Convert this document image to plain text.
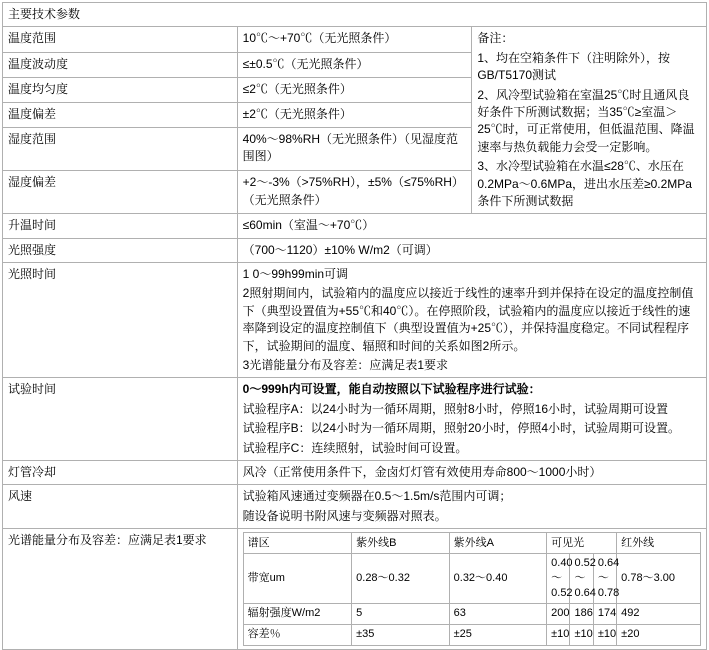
主要技术参数
温度范围	10℃～+70℃（无光照条件）	备注：
1、均在空箱条件下（注明除外），按GB/T5170测试
2、风冷型试验箱在室温25℃时且通风良好条件下所测试数据；当35℃≥室温＞25℃时，可正常使用，但低温范围、降温速率与热负载能力会受一定影响。
3、水冷型试验箱在水温≤28℃、水压在0.2MPa～0.6MPa，进出水压差≥0.2MPa条件下所测试数据

温度波动度	≤±0.5℃（无光照条件）
温度均匀度	≤2℃（无光照条件）
温度偏差	±2℃（无光照条件）
湿度范围	40%～98%RH（无光照条件）（见湿度范围图）
湿度偏差	+2～-3%（>75%RH），±5%（≤75%RH）（无光照条件）
升温时间	≤60min（室温～+70℃）
光照强度	（700～1120）±10% W/m2（可调）
光照时间	1 0～99h99min可调
2照射期间内，试验箱内的温度应以接近于线性的速率升到并保持在设定的温度控制值下（典型设置值为+55℃和40℃）。在停照阶段，试验箱内的温度应以接近于线性的速率降到设定的温度控制值下（典型设置值为+25℃），并保持温度稳定。不同试程程序下，试验期间的温度、辐照和时间的关系如图2所示。
3光谱能量分布及容差：应满足表1要求

试验时间	0～999h内可设置，能自动按照以下试验程序进行试验：
试验程序A：以24小时为一循环周期，照射8小时，停照16小时，试验周期可设置
试验程序B：以24小时为一循环周期，照射20小时，停照4小时，试验周期可设置。
试验程序C：连续照射，试验时间可设置。

灯管冷却	风冷（正常使用条件下，金卤灯灯管有效使用寿命800～1000小时）
风速	试验箱风速通过变频器在0.5～1.5m/s范围内可调；
随设备说明书附风速与变频器对照表。

光谱能量分布及容差：应满足表1要求		谱区	紫外线B	紫外线A	可见光	红外线
带宽um	0.28～0.32	0.32～0.40	0.40～0.52	0.52～0.64	0.64～0.78	0.78～3.00
辐射强度W/m2	5	63	200	186	174	492
容差％	±35	±25	±10	±10	±10	±20
